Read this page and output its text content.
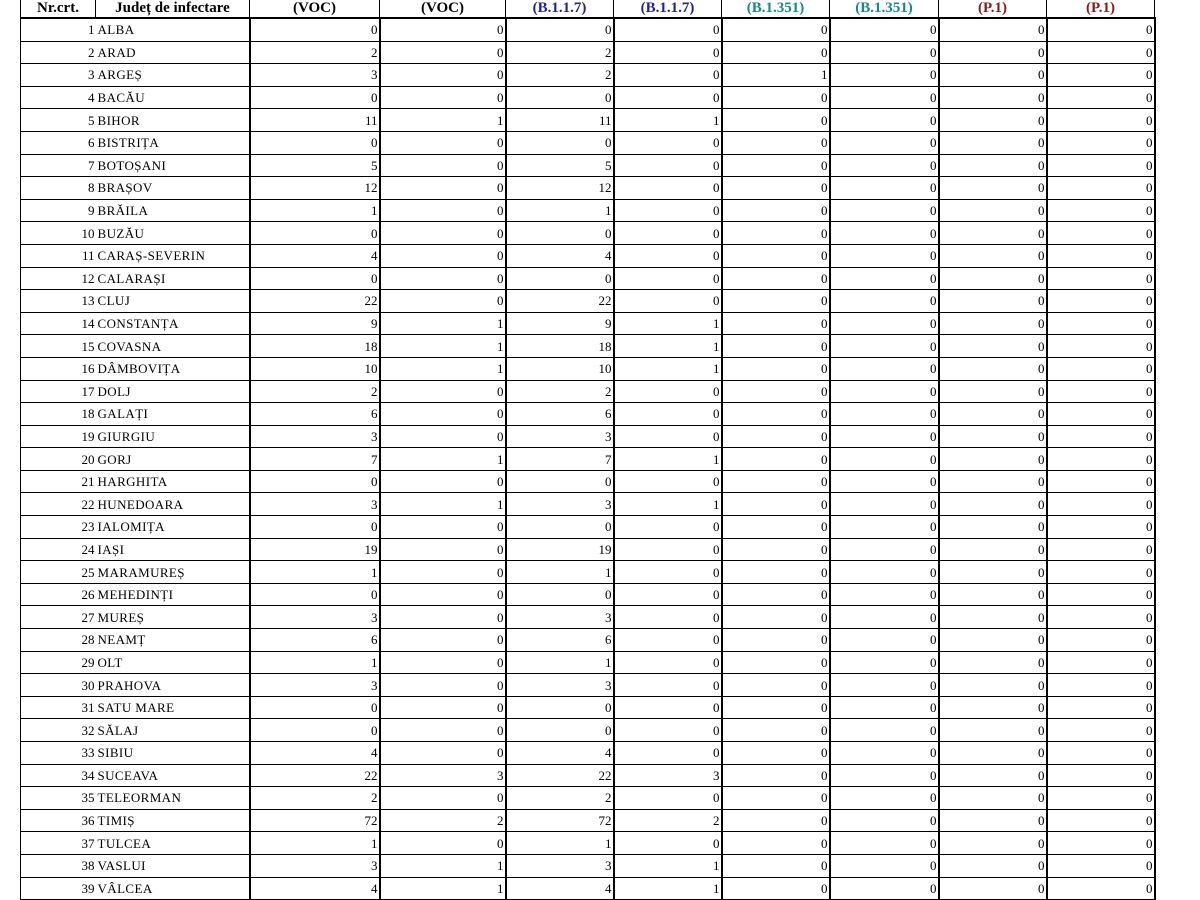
Nr.crt.	Județ de infectare	(VOC)	(VOC)	(B.1.1.7)	(B.1.1.7)	(B.1.351)	(B.1.351)	(P.1)	(P.1)
1	ALBA	0	0	0	0	0	0	0	0
2	ARAD	2	0	2	0	0	0	0	0
3	ARGEȘ	3	0	2	0	1	0	0	0
4	BACĂU	0	0	0	0	0	0	0	0
5	BIHOR	11	1	11	1	0	0	0	0
6	BISTRIȚA	0	0	0	0	0	0	0	0
7	BOTOȘANI	5	0	5	0	0	0	0	0
8	BRAȘOV	12	0	12	0	0	0	0	0
9	BRĂILA	1	0	1	0	0	0	0	0
10	BUZĂU	0	0	0	0	0	0	0	0
11	CARAȘ-SEVERIN	4	0	4	0	0	0	0	0
12	CALARAȘI	0	0	0	0	0	0	0	0
13	CLUJ	22	0	22	0	0	0	0	0
14	CONSTANȚA	9	1	9	1	0	0	0	0
15	COVASNA	18	1	18	1	0	0	0	0
16	DÂMBOVIȚA	10	1	10	1	0	0	0	0
17	DOLJ	2	0	2	0	0	0	0	0
18	GALAȚI	6	0	6	0	0	0	0	0
19	GIURGIU	3	0	3	0	0	0	0	0
20	GORJ	7	1	7	1	0	0	0	0
21	HARGHITA	0	0	0	0	0	0	0	0
22	HUNEDOARA	3	1	3	1	0	0	0	0
23	IALOMIȚA	0	0	0	0	0	0	0	0
24	IAȘI	19	0	19	0	0	0	0	0
25	MARAMUREȘ	1	0	1	0	0	0	0	0
26	MEHEDINȚI	0	0	0	0	0	0	0	0
27	MUREȘ	3	0	3	0	0	0	0	0
28	NEAMȚ	6	0	6	0	0	0	0	0
29	OLT	1	0	1	0	0	0	0	0
30	PRAHOVA	3	0	3	0	0	0	0	0
31	SATU MARE	0	0	0	0	0	0	0	0
32	SĂLAJ	0	0	0	0	0	0	0	0
33	SIBIU	4	0	4	0	0	0	0	0
34	SUCEAVA	22	3	22	3	0	0	0	0
35	TELEORMAN	2	0	2	0	0	0	0	0
36	TIMIȘ	72	2	72	2	0	0	0	0
37	TULCEA	1	0	1	0	0	0	0	0
38	VASLUI	3	1	3	1	0	0	0	0
39	VÂLCEA	4	1	4	1	0	0	0	0
